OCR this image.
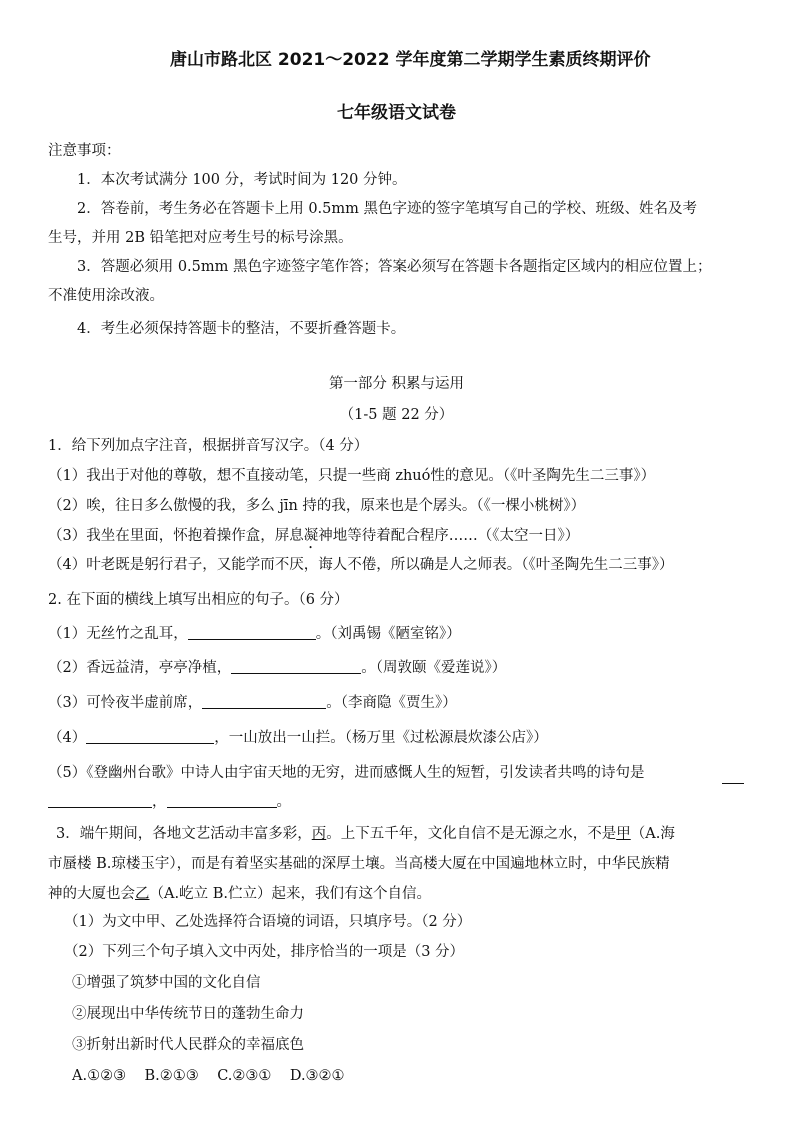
唐山市路北区 2021～2022 学年度第二学期学生素质终期评价
七年级语文试卷
注意事项：
1．本次考试满分 100 分，考试时间为 120 分钟。
2．答卷前，考生务必在答题卡上用 0.5mm 黑色字迹的签字笔填写自己的学校、班级、姓名及考
生号，并用 2B 铅笔把对应考生号的标号涂黑。
3．答题必须用 0.5mm 黑色字迹签字笔作答；答案必须写在答题卡各题指定区域内的相应位置上；
不准使用涂改液。
4．考生必须保持答题卡的整洁，不要折叠答题卡。
第一部分 积累与运用
（1-5 题 22 分）
1．给下列加点字注音，根据拼音写汉字。（4 分）
（1）我出于对他的尊敬，想不直接动笔，只提一些商 zhuó性的意见。（《叶圣陶先生二三事》）
（2）唉，往日多么傲慢的我，多么 jīn 持的我，原来也是个孱头。（《一棵小桃树》）
（3）我坐在里面，怀抱着操作盒，屏息凝神地等待着配合程序……（《太空一日》）
（4）叶老既是躬行君子，又能学而不厌，诲人不倦，所以确是人之师表。（《叶圣陶先生二三事》）
2. 在下面的横线上填写出相应的句子。（6 分）
（1）无丝竹之乱耳，	。（刘禹锡《陋室铭》）
（2）香远益清，亭亭净植，	。（周敦颐《爱莲说》）
（3）可怜夜半虚前席，	。（李商隐《贾生》）
（4）	，一山放出一山拦。（杨万里《过松源晨炊漆公店》）
（5）《登幽州台歌》中诗人由宇宙天地的无穷，进而感慨人生的短暂，引发读者共鸣的诗句是
，	。
3．端午期间，各地文艺活动丰富多彩，丙。上下五千年，文化自信不是无源之水，不是甲（A.海
市蜃楼 B.琼楼玉宇），而是有着坚实基础的深厚土壤。当高楼大厦在中国遍地林立时，中华民族精
神的大厦也会乙（A.屹立 B.伫立）起来，我们有这个自信。
（1）为文中甲、乙处选择符合语境的词语，只填序号。（2 分）
（2）下列三个句子填入文中丙处，排序恰当的一项是（3 分）
①增强了筑梦中国的文化自信
②展现出中华传统节日的蓬勃生命力
③折射出新时代人民群众的幸福底色
A.①②③    B.②①③    C.②③①    D.③②①
